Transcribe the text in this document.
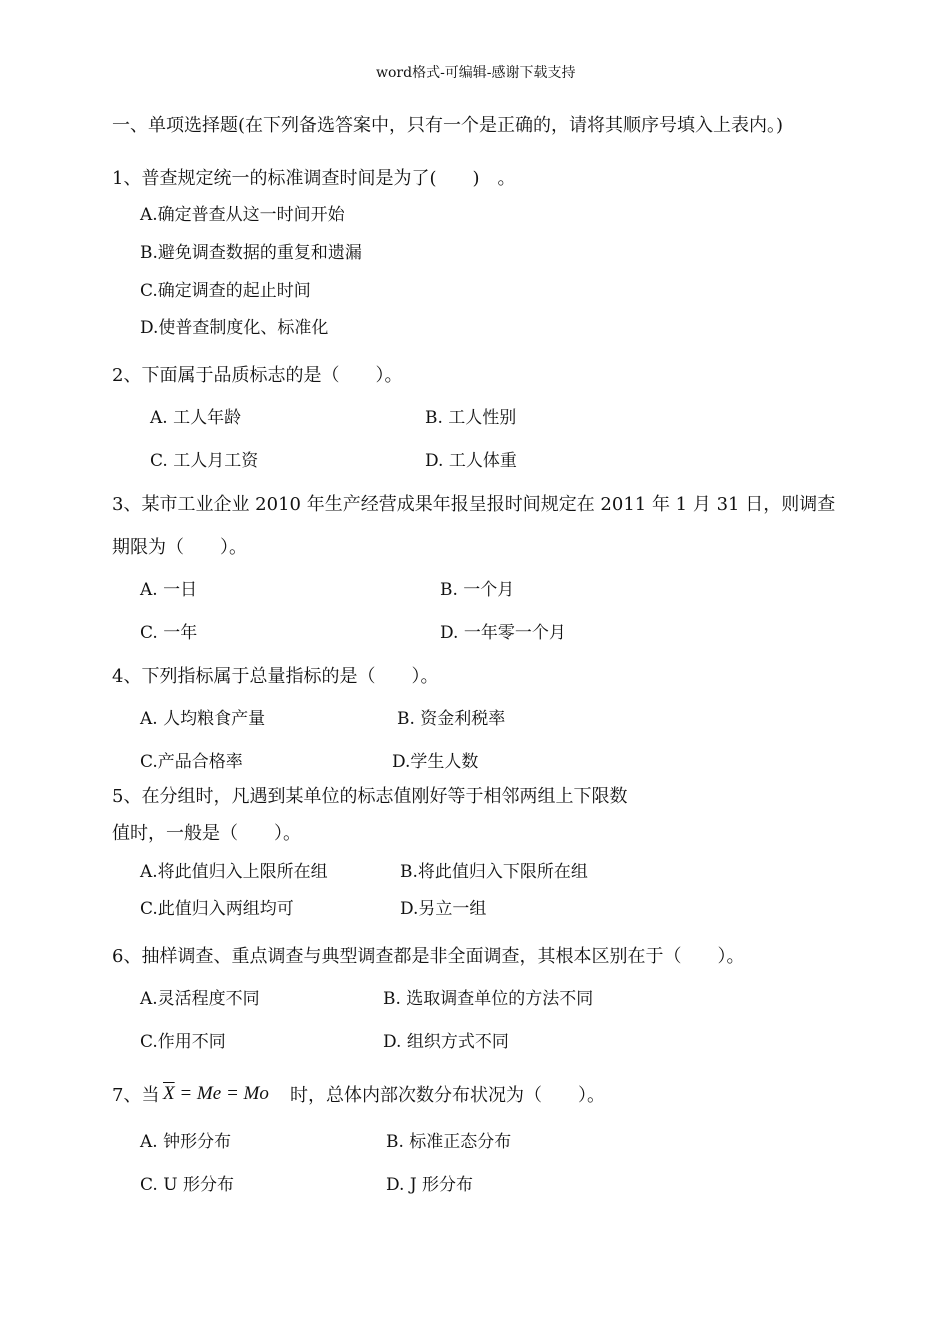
word格式-可编辑-感谢下载支持
一、单项选择题(在下列备选答案中，只有一个是正确的，请将其顺序号填入上表内。)
1、普查规定统一的标准调查时间是为了(　　)　。
A.确定普查从这一时间开始
B.避免调查数据的重复和遗漏
C.确定调查的起止时间
D.使普查制度化、标准化
2、下面属于品质标志的是（　　）。
A. 工人年龄	B. 工人性别
C. 工人月工资	D. 工人体重
3、某市工业企业 2010 年生产经营成果年报呈报时间规定在 2011 年 1 月 31 日，则调查
期限为（　　）。
A. 一日	B. 一个月
C. 一年	D. 一年零一个月
4、下列指标属于总量指标的是（　　）。
A. 人均粮食产量	B. 资金利税率
C.产品合格率	D.学生人数
5、在分组时，凡遇到某单位的标志值刚好等于相邻两组上下限数
值时，一般是（　　）。
A.将此值归入上限所在组	B.将此值归入下限所在组
C.此值归入两组均可	D.另立一组
6、抽样调查、重点调查与典型调查都是非全面调查，其根本区别在于（　　）。
A.灵活程度不同	B. 选取调查单位的方法不同
C.作用不同	D. 组织方式不同
7、当 $\overline{X} = Me = Mo$ 时，总体内部次数分布状况为（　　）。
A. 钟形分布	B. 标准正态分布
C. U 形分布	D. J 形分布
